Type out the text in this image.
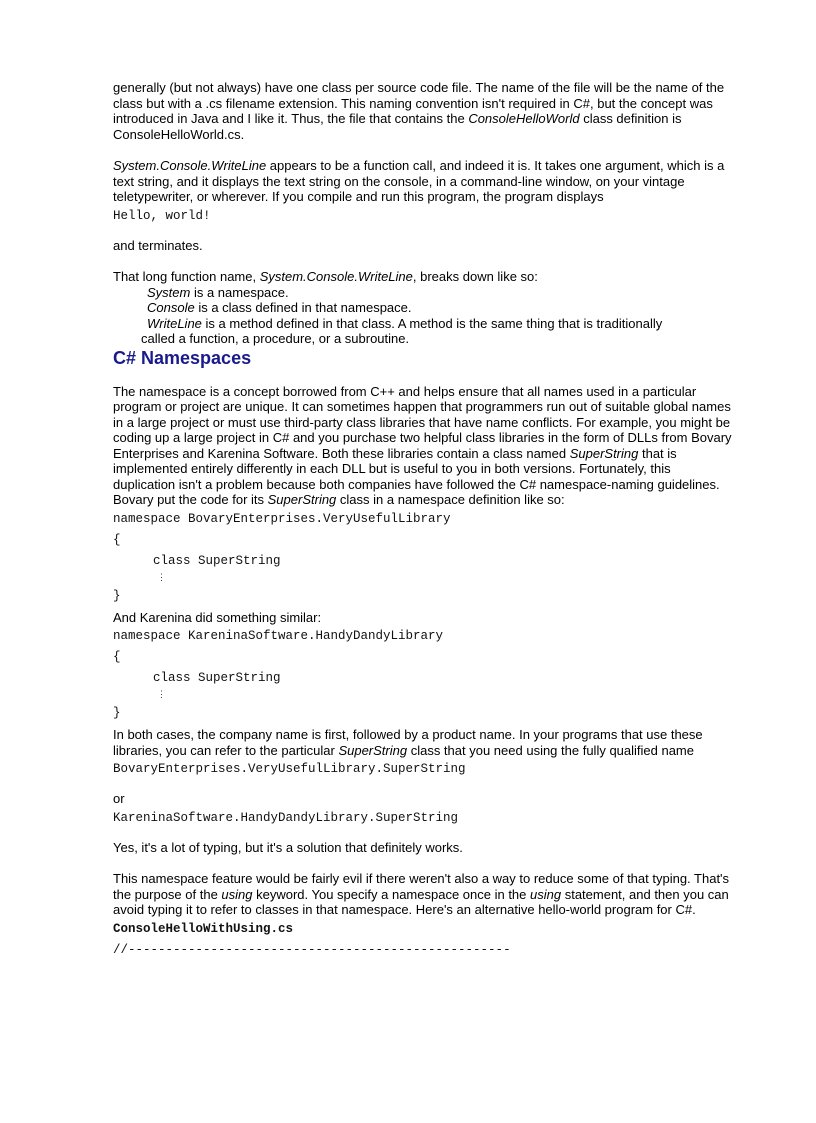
generally (but not always) have one class per source code file. The name of the file will be the name of the class but with a .cs filename extension. This naming convention isn't required in C#, but the concept was introduced in Java and I like it. Thus, the file that contains the ConsoleHelloWorld class definition is ConsoleHelloWorld.cs.

System.Console.WriteLine appears to be a function call, and indeed it is. It takes one argument, which is a text string, and it displays the text string on the console, in a command-line window, on your vintage teletypewriter, or wherever. If you compile and run this program, the program displays

Hello, world!

and terminates.

That long function name, System.Console.WriteLine, breaks down like so:

System is a namespace.

Console is a class defined in that namespace.

WriteLine is a method defined in that class. A method is the same thing that is traditionally

called a function, a procedure, or a subroutine.

C# Namespaces

The namespace is a concept borrowed from C++ and helps ensure that all names used in a particular program or project are unique. It can sometimes happen that programmers run out of suitable global names in a large project or must use third-party class libraries that have name conflicts. For example, you might be coding up a large project in C# and you purchase two helpful class libraries in the form of DLLs from Bovary Enterprises and Karenina Software. Both these libraries contain a class named SuperString that is implemented entirely differently in each DLL but is useful to you in both versions. Fortunately, this duplication isn't a problem because both companies have followed the C# namespace-naming guidelines. Bovary put the code for its SuperString class in a namespace definition like so:

namespace BovaryEnterprises.VeryUsefulLibrary

{

class SuperString

⋮

}

And Karenina did something similar:

namespace KareninaSoftware.HandyDandyLibrary

{

class SuperString

⋮

}

In both cases, the company name is first, followed by a product name. In your programs that use these libraries, you can refer to the particular SuperString class that you need using the fully qualified name

BovaryEnterprises.VeryUsefulLibrary.SuperString

or

KareninaSoftware.HandyDandyLibrary.SuperString

Yes, it's a lot of typing, but it's a solution that definitely works.

This namespace feature would be fairly evil if there weren't also a way to reduce some of that typing. That's the purpose of the using keyword. You specify a namespace once in the using statement, and then you can avoid typing it to refer to classes in that namespace. Here's an alternative hello-world program for C#.

ConsoleHelloWithUsing.cs

//---------------------------------------------------
